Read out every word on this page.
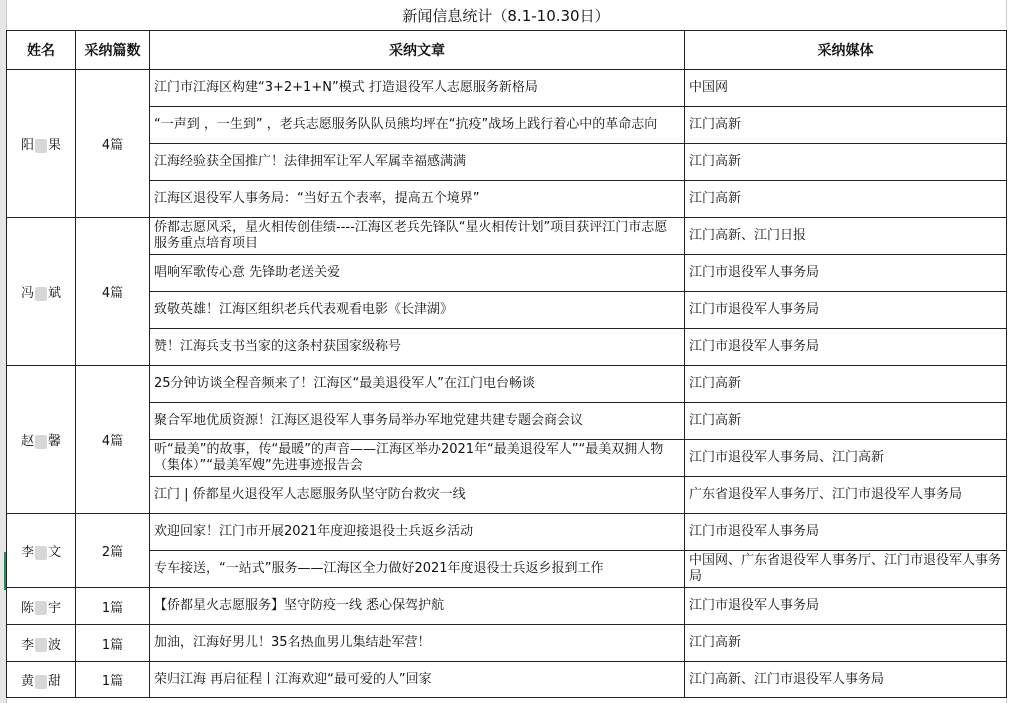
新闻信息统计（8.1-10.30日）
姓名	采纳篇数	采纳文章	采纳媒体
阳 果	4篇	江门市江海区构建“3+2+1+N”模式 打造退役军人志愿服务新格局	中国网
		“一声到 ，一生到” ，老兵志愿服务队队员熊均坪在“抗疫”战场上践行着心中的革命志向	江门高新
		江海经验获全国推广！法律拥军让军人军属幸福感满满	江门高新
		江海区退役军人事务局：“当好五个表率，提高五个境界”	江门高新
冯 斌	4篇	侨都志愿风采，星火相传创佳绩----江海区老兵先锋队“星火相传计划”项目获评江门市志愿服务重点培育项目	江门高新、江门日报
		唱响军歌传心意 先锋助老送关爱	江门市退役军人事务局
		致敬英雄！江海区组织老兵代表观看电影《长津湖》	江门市退役军人事务局
		赞！江海兵支书当家的这条村获国家级称号	江门市退役军人事务局
赵 馨	4篇	25分钟访谈全程音频来了！江海区“最美退役军人”在江门电台畅谈	江门高新
		聚合军地优质资源！江海区退役军人事务局举办军地党建共建专题会商会议	江门高新
		听“最美”的故事，传“最暖”的声音——江海区举办2021年“最美退役军人”“最美双拥人物（集体）”“最美军嫂”先进事迹报告会	江门市退役军人事务局、江门高新
		江门 | 侨都星火退役军人志愿服务队坚守防台救灾一线	广东省退役军人事务厅、江门市退役军人事务局
李 文	2篇	欢迎回家！江门市开展2021年度迎接退役士兵返乡活动	江门市退役军人事务局
		专车接送，“一站式”服务——江海区全力做好2021年度退役士兵返乡报到工作	中国网、广东省退役军人事务厅、江门市退役军人事务局
陈 宇	1篇	【侨都星火志愿服务】坚守防疫一线 悉心保驾护航	江门市退役军人事务局
李 波	1篇	加油，江海好男儿！35名热血男儿集结赴军营！	江门高新
黄 甜	1篇	荣归江海 再启征程丨江海欢迎“最可爱的人”回家	江门高新、江门市退役军人事务局
